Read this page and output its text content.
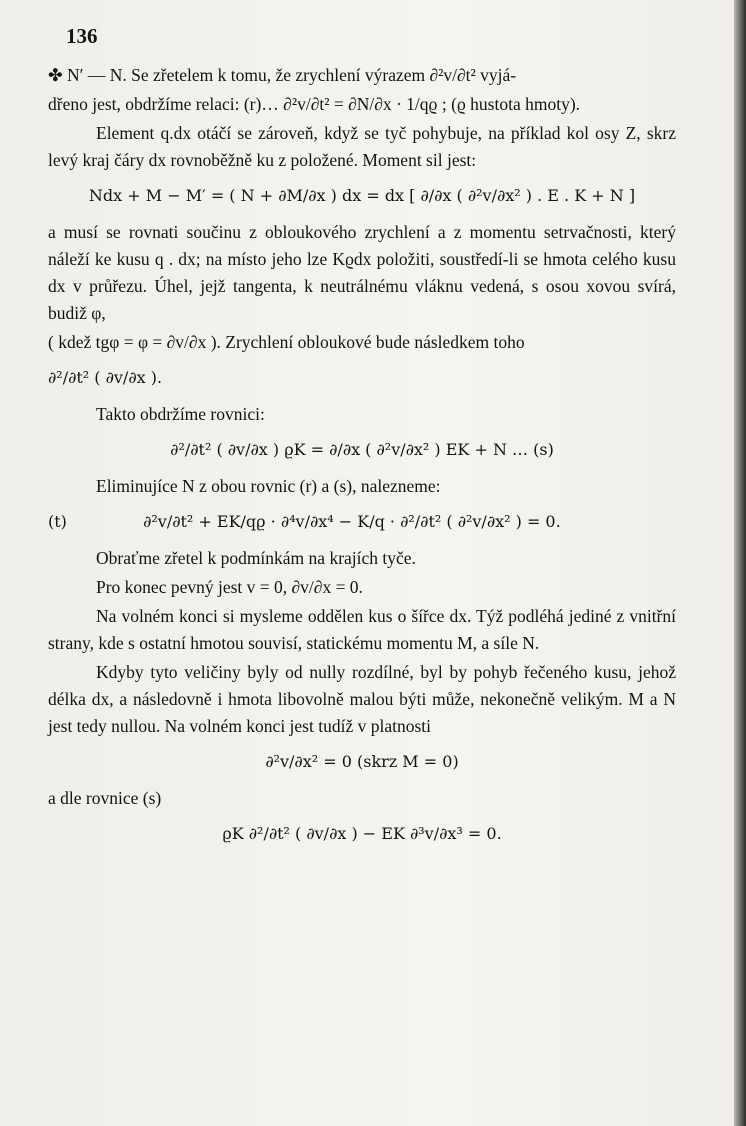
136

✤ N′ — N. Se zřetelem k tomu, že zrychlení výrazem ∂²v/∂t² vyjá-

dřeno jest, obdržíme relaci: (r)… ∂²v/∂t² = ∂N/∂x · 1/qϱ ; (ϱ hustota hmoty).

Element q.dx otáčí se zároveň, když se tyč pohybuje, na příklad kol osy Z, skrz levý kraj čáry dx rovnoběžně ku z položené. Moment sil jest:

Ndx + M − M′ = ( N + ∂M/∂x ) dx = dx [ ∂/∂x ( ∂²v/∂x² ) . E . K + N ]

a musí se rovnati součinu z obloukového zrychlení a z momentu setrvačnosti, který náleží ke kusu q . dx; na místo jeho lze Kϱdx položiti, soustředí-li se hmota celého kusu dx v průřezu. Úhel, jejž tangenta, k neutrálnému vláknu vedená, s osou xovou svírá, budiž φ,

( kdež tgφ = φ = ∂v/∂x ). Zrychlení obloukové bude následkem toho

∂²/∂t² ( ∂v/∂x ).

Takto obdržíme rovnici:

∂²/∂t² ( ∂v/∂x ) ϱK = ∂/∂x ( ∂²v/∂x² ) EK + N … (s)

Eliminujíce N z obou rovnic (r) a (s), nalezneme:

(t)	∂²v/∂t² + EK/qϱ · ∂⁴v/∂x⁴ − K/q · ∂²/∂t² ( ∂²v/∂x² ) = 0.

Obraťme zřetel k podmínkám na krajích tyče.

Pro konec pevný jest v = 0, ∂v/∂x = 0.

Na volném konci si mysleme oddělen kus o šířce dx. Týž podléhá jediné z vnitřní strany, kde s ostatní hmotou souvisí, statickému momentu M, a síle N.

Kdyby tyto veličiny byly od nully rozdílné, byl by pohyb řečeného kusu, jehož délka dx, a následovně i hmota libovolně malou býti může, nekonečně velikým. M a N jest tedy nullou. Na volném konci jest tudíž v platnosti

∂²v/∂x² = 0 (skrz M = 0)

a dle rovnice (s)

ϱK ∂²/∂t² ( ∂v/∂x ) − EK ∂³v/∂x³ = 0.
